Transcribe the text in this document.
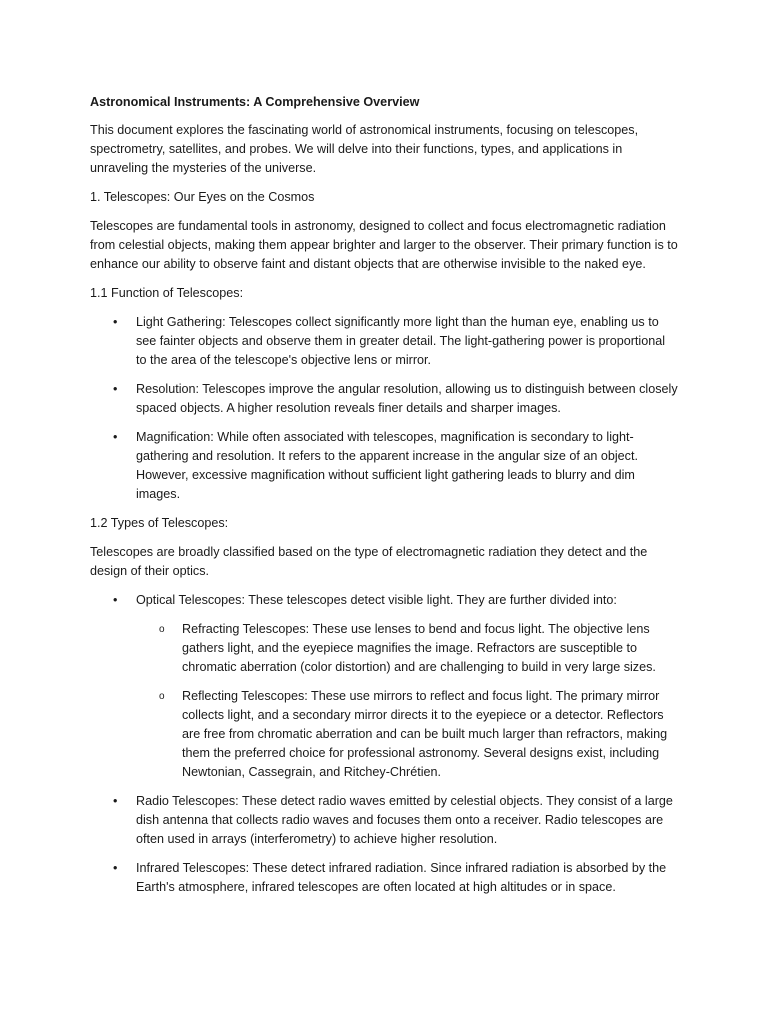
Astronomical Instruments: A Comprehensive Overview

This document explores the fascinating world of astronomical instruments, focusing on telescopes, spectrometry, satellites, and probes. We will delve into their functions, types, and applications in unraveling the mysteries of the universe.

1. Telescopes: Our Eyes on the Cosmos

Telescopes are fundamental tools in astronomy, designed to collect and focus electromagnetic radiation from celestial objects, making them appear brighter and larger to the observer. Their primary function is to enhance our ability to observe faint and distant objects that are otherwise invisible to the naked eye.

1.1 Function of Telescopes:

• Light Gathering: Telescopes collect significantly more light than the human eye, enabling us to see fainter objects and observe them in greater detail. The light-gathering power is proportional to the area of the telescope's objective lens or mirror.
• Resolution: Telescopes improve the angular resolution, allowing us to distinguish between closely spaced objects. A higher resolution reveals finer details and sharper images.
• Magnification: While often associated with telescopes, magnification is secondary to light-gathering and resolution. It refers to the apparent increase in the angular size of an object. However, excessive magnification without sufficient light gathering leads to blurry and dim images.

1.2 Types of Telescopes:

Telescopes are broadly classified based on the type of electromagnetic radiation they detect and the design of their optics.

• Optical Telescopes: These telescopes detect visible light. They are further divided into:
o Refracting Telescopes: These use lenses to bend and focus light. The objective lens gathers light, and the eyepiece magnifies the image. Refractors are susceptible to chromatic aberration (color distortion) and are challenging to build in very large sizes.
o Reflecting Telescopes: These use mirrors to reflect and focus light. The primary mirror collects light, and a secondary mirror directs it to the eyepiece or a detector. Reflectors are free from chromatic aberration and can be built much larger than refractors, making them the preferred choice for professional astronomy. Several designs exist, including Newtonian, Cassegrain, and Ritchey-Chrétien.
• Radio Telescopes: These detect radio waves emitted by celestial objects. They consist of a large dish antenna that collects radio waves and focuses them onto a receiver. Radio telescopes are often used in arrays (interferometry) to achieve higher resolution.
• Infrared Telescopes: These detect infrared radiation. Since infrared radiation is absorbed by the Earth's atmosphere, infrared telescopes are often located at high altitudes or in space.
